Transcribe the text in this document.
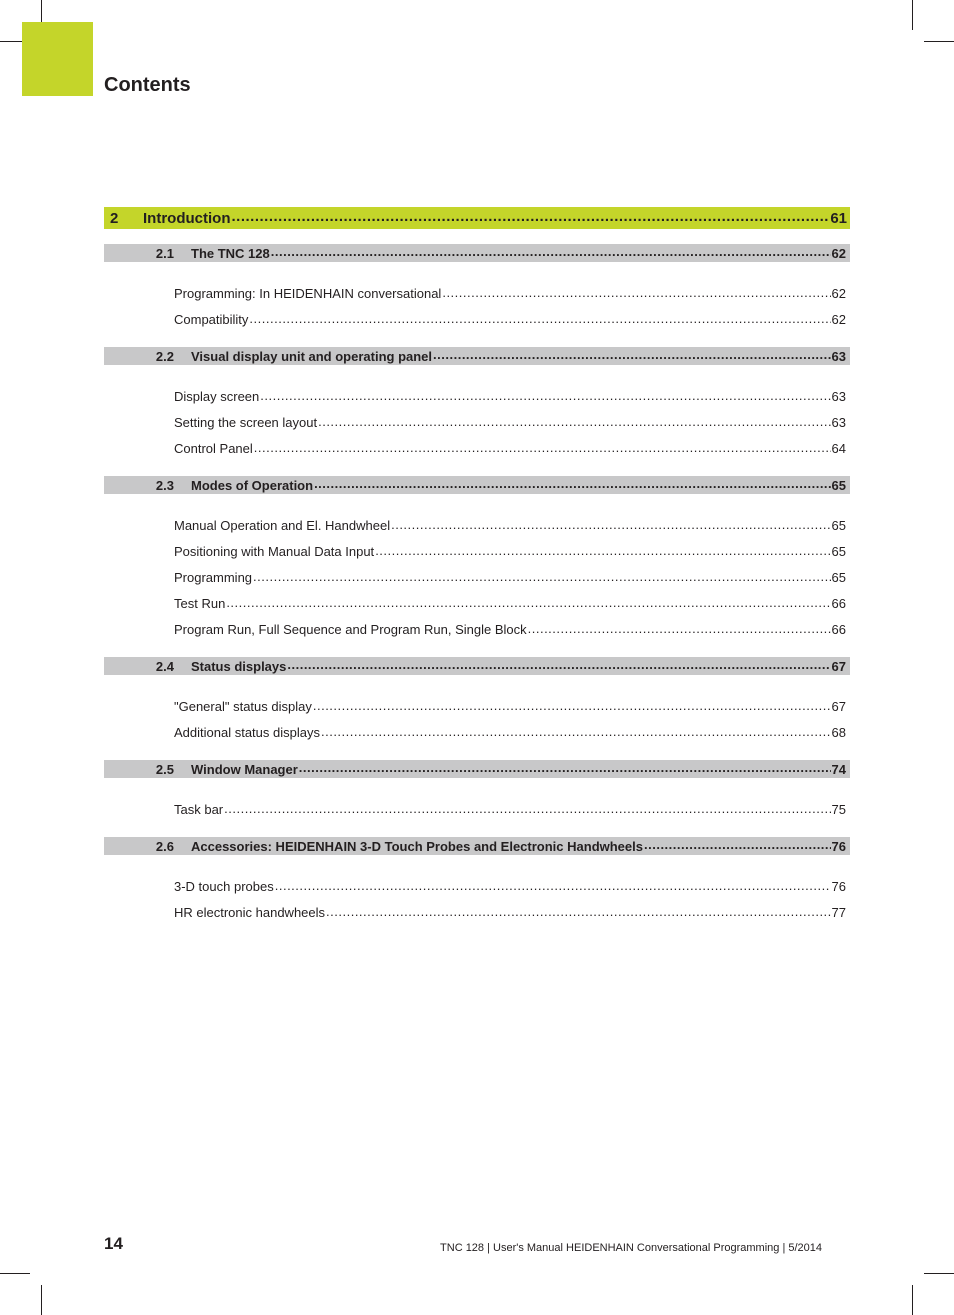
Contents
2	Introduction .....	61
2.1	The TNC 128 .....	62
Programming: In HEIDENHAIN conversational .....	62
Compatibility .....	62
2.2	Visual display unit and operating panel .....	63
Display screen .....	63
Setting the screen layout .....	63
Control Panel .....	64
2.3	Modes of Operation .....	65
Manual Operation and El. Handwheel .....	65
Positioning with Manual Data Input .....	65
Programming .....	65
Test Run .....	66
Program Run, Full Sequence and Program Run, Single Block .....	66
2.4	Status displays .....	67
"General" status display .....	67
Additional status displays .....	68
2.5	Window Manager .....	74
Task bar .....	75
2.6	Accessories: HEIDENHAIN 3-D Touch Probes and Electronic Handwheels .....	76
3-D touch probes .....	76
HR electronic handwheels .....	77
14	TNC 128 | User's Manual HEIDENHAIN Conversational Programming | 5/2014
